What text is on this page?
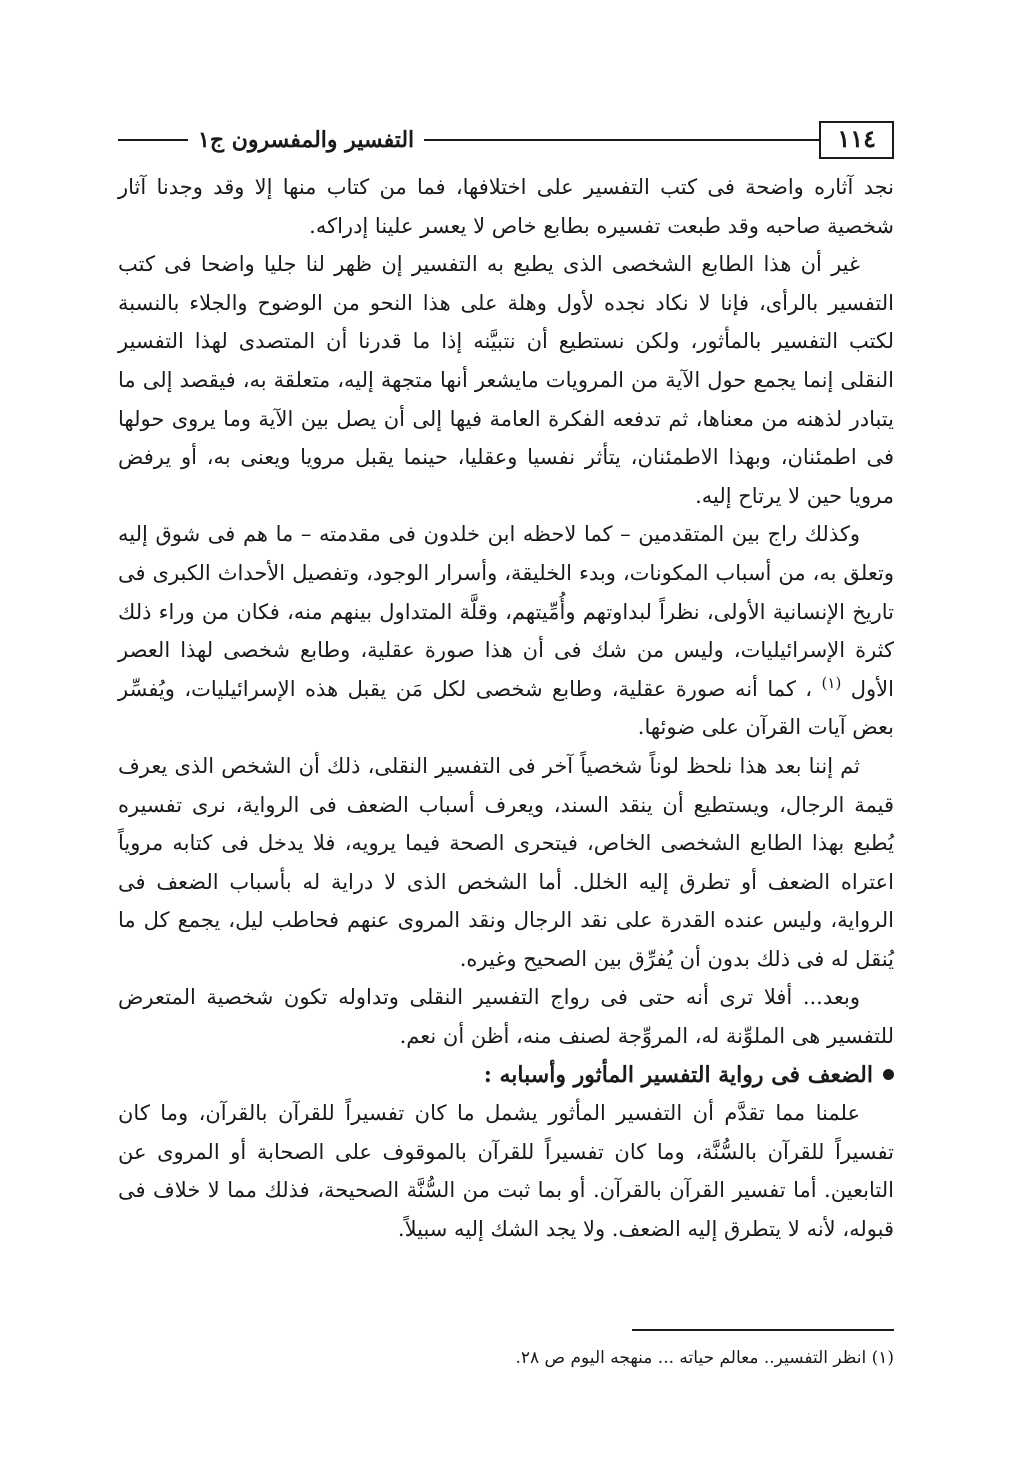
١١٤
التفسير والمفسرون ج١

نجد آثاره واضحة فى كتب التفسير على اختلافها، فما من كتاب منها إلا وقد وجدنا آثار شخصية صاحبه وقد طبعت تفسيره بطابع خاص لا يعسر علينا إدراكه.

غير أن هذا الطابع الشخصى الذى يطبع به التفسير إن ظهر لنا جليا واضحا فى كتب التفسير بالرأى، فإنا لا نكاد نجده لأول وهلة على هذا النحو من الوضوح والجلاء بالنسبة لكتب التفسير بالمأثور، ولكن نستطيع أن نتبيَّنه إذا ما قدرنا أن المتصدى لهذا التفسير النقلى إنما يجمع حول الآية من المرويات مايشعر أنها متجهة إليه، متعلقة به، فيقصد إلى ما يتبادر لذهنه من معناها، ثم تدفعه الفكرة العامة فيها إلى أن يصل بين الآية وما يروى حولها فى اطمئنان، وبهذا الاطمئنان، يتأثر نفسيا وعقليا، حينما يقبل مرويا ويعنى به، أو يرفض مرويا حين لا يرتاح إليه.

وكذلك راج بين المتقدمين – كما لاحظه ابن خلدون فى مقدمته – ما هم فى شوق إليه وتعلق به، من أسباب المكونات، وبدء الخليقة، وأسرار الوجود، وتفصيل الأحداث الكبرى فى تاريخ الإنسانية الأولى، نظراً لبداوتهم وأُمِّيتهم، وقلَّة المتداول بينهم منه، فكان من وراء ذلك كثرة الإسرائيليات، وليس من شك فى أن هذا صورة عقلية، وطابع شخصى لهذا العصر الأول $^{(١)}$ ، كما أنه صورة عقلية، وطابع شخصى لكل مَن يقبل هذه الإسرائيليات، ويُفسِّر بعض آيات القرآن على ضوئها.

ثم إننا بعد هذا نلحظ لوناً شخصياً آخر فى التفسير النقلى، ذلك أن الشخص الذى يعرف قيمة الرجال، ويستطيع أن ينقد السند، ويعرف أسباب الضعف فى الرواية، نرى تفسيره يُطبع بهذا الطابع الشخصى الخاص، فيتحرى الصحة فيما يرويه، فلا يدخل فى كتابه مروياً اعتراه الضعف أو تطرق إليه الخلل. أما الشخص الذى لا دراية له بأسباب الضعف فى الرواية، وليس عنده القدرة على نقد الرجال ونقد المروى عنهم فحاطب ليل، يجمع كل ما يُنقل له فى ذلك بدون أن يُفرِّق بين الصحيح وغيره.

وبعد... أفلا ترى أنه حتى فى رواج التفسير النقلى وتداوله تكون شخصية المتعرض للتفسير هى الملوِّنة له، المروِّجة لصنف منه، أظن أن نعم.

الضعف فى رواية التفسير المأثور وأسبابه :

علمنا مما تقدَّم أن التفسير المأثور يشمل ما كان تفسيراً للقرآن بالقرآن، وما كان تفسيراً للقرآن بالسُّنَّة، وما كان تفسيراً للقرآن بالموقوف على الصحابة أو المروى عن التابعين. أما تفسير القرآن بالقرآن. أو بما ثبت من السُّنَّة الصحيحة، فذلك مما لا خلاف فى قبوله، لأنه لا يتطرق إليه الضعف. ولا يجد الشك إليه سبيلاً.

(١) انظر التفسير.. معالم حياته ... منهجه اليوم ص ٢٨.
